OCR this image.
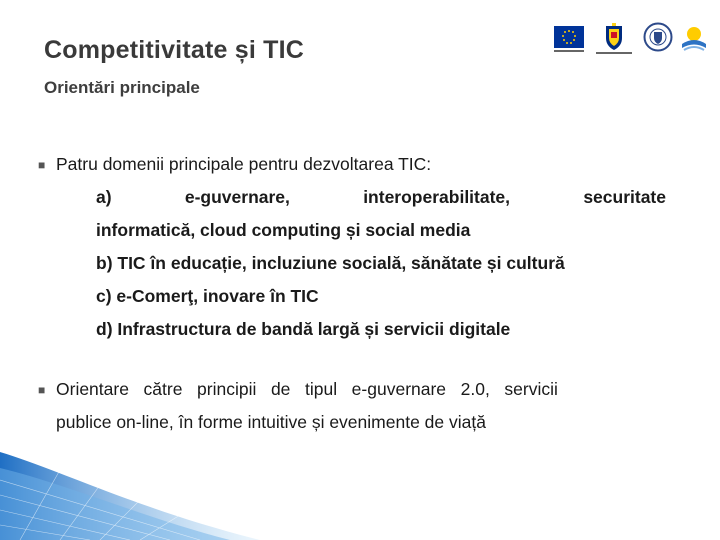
Competitivitate și TIC
Orientări principale
■ Patru domenii principale pentru dezvoltarea TIC:
a)        e-guvernare,        interoperabilitate,        securitate
informatică, cloud computing și social media
b) TIC în educație, incluziune socială, sănătate și cultură
c) e-Comerţ, inovare în TIC
d) Infrastructura de bandă largă și servicii digitale
■ Orientare   către   principii   de   tipul   e-guvernare   2.0,   servicii
publice on-line, în forme intuitive și evenimente de viață
